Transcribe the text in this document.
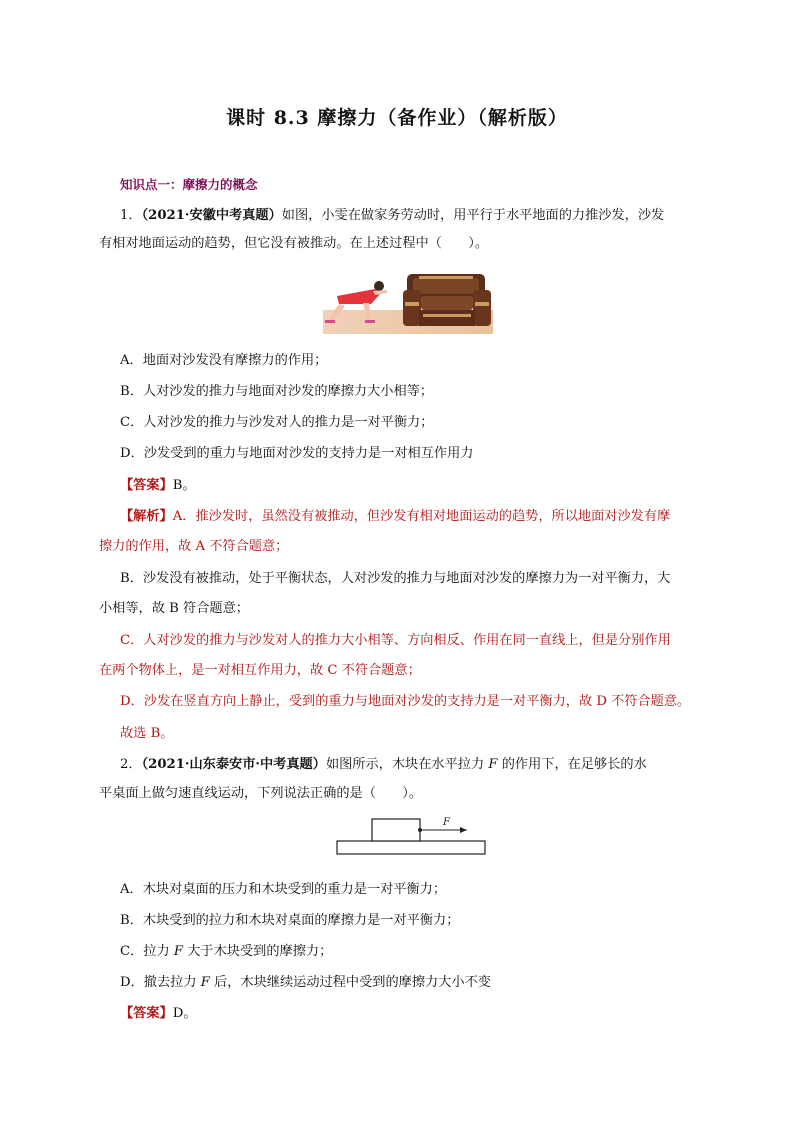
课时 8.3 摩擦力（备作业）（解析版）
知识点一：摩擦力的概念
1．（2021·安徽中考真题）如图，小雯在做家务劳动时，用平行于水平地面的力推沙发，沙发
有相对地面运动的趋势，但它没有被推动。在上述过程中（　　）。
A．地面对沙发没有摩擦力的作用；
B．人对沙发的推力与地面对沙发的摩擦力大小相等；
C．人对沙发的推力与沙发对人的推力是一对平衡力；
D．沙发受到的重力与地面对沙发的支持力是一对相互作用力
【答案】B。
【解析】A．推沙发时，虽然没有被推动，但沙发有相对地面运动的趋势，所以地面对沙发有摩
擦力的作用，故 A 不符合题意；
B．沙发没有被推动，处于平衡状态，人对沙发的推力与地面对沙发的摩擦力为一对平衡力，大
小相等，故 B 符合题意；
C．人对沙发的推力与沙发对人的推力大小相等、方向相反、作用在同一直线上，但是分别作用
在两个物体上，是一对相互作用力，故 C 不符合题意；
D．沙发在竖直方向上静止，受到的重力与地面对沙发的支持力是一对平衡力，故 D 不符合题意。
故选 B。
2．（2021·山东泰安市·中考真题）如图所示，木块在水平拉力 F 的作用下，在足够长的水
平桌面上做匀速直线运动，下列说法正确的是（　　）。
F
A．木块对桌面的压力和木块受到的重力是一对平衡力；
B．木块受到的拉力和木块对桌面的摩擦力是一对平衡力；
C．拉力 F 大于木块受到的摩擦力；
D．撤去拉力 F 后，木块继续运动过程中受到的摩擦力大小不变
【答案】D。
